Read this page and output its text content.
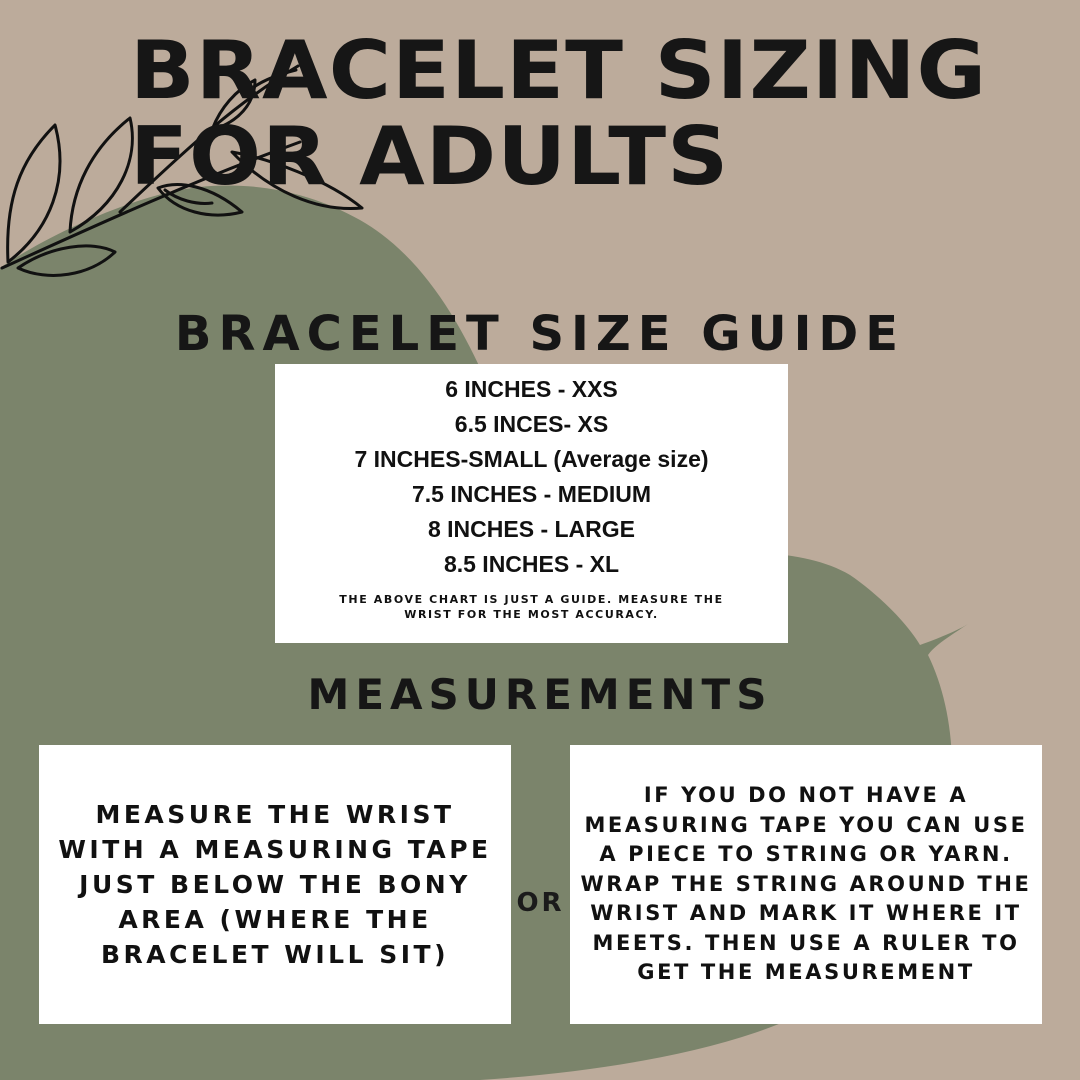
BRACELET SIZING
FOR ADULTS
BRACELET SIZE GUIDE
6 INCHES - XXS
6.5 INCES- XS
7 INCHES-SMALL (Average size)
7.5 INCHES - MEDIUM
8 INCHES - LARGE
8.5 INCHES - XL

THE ABOVE CHART IS JUST A GUIDE. MEASURE THE WRIST FOR THE MOST ACCURACY.

MEASUREMENTS

MEASURE THE WRIST WITH A MEASURING TAPE JUST BELOW THE BONY AREA (WHERE THE BRACELET WILL SIT)

OR

IF YOU DO NOT HAVE A MEASURING TAPE YOU CAN USE A PIECE TO STRING OR YARN. WRAP THE STRING AROUND THE WRIST AND MARK IT WHERE IT MEETS. THEN USE A RULER TO GET THE MEASUREMENT
